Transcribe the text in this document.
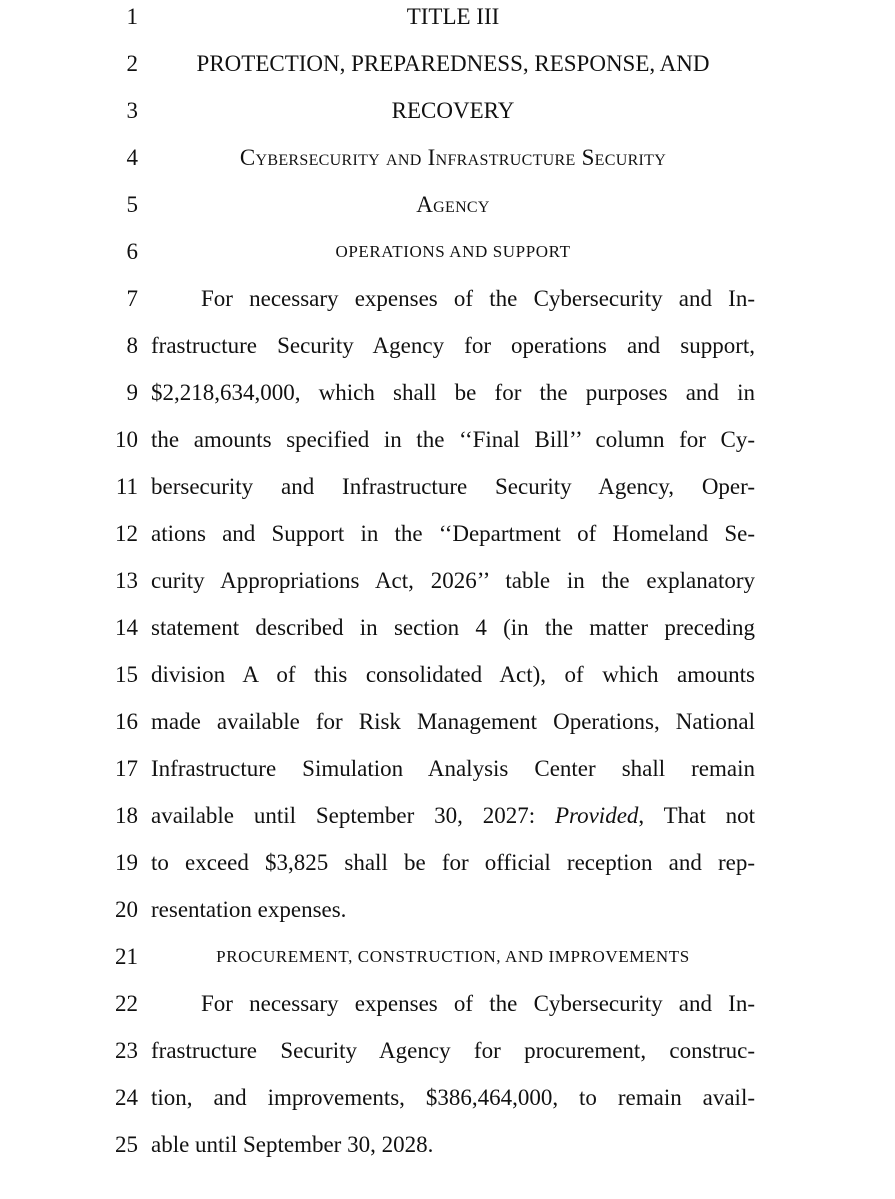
1	TITLE III
2	PROTECTION, PREPAREDNESS, RESPONSE, AND
3	RECOVERY
4	Cybersecurity and Infrastructure Security
5	Agency
6	OPERATIONS AND SUPPORT
7	For necessary expenses of the Cybersecurity and In-
8 frastructure Security Agency for operations and support,
9 $2,218,634,000, which shall be for the purposes and in
10 the amounts specified in the ‘‘Final Bill’’ column for Cy-
11 bersecurity and Infrastructure Security Agency, Oper-
12 ations and Support in the ‘‘Department of Homeland Se-
13 curity Appropriations Act, 2026’’ table in the explanatory
14 statement described in section 4 (in the matter preceding
15 division A of this consolidated Act), of which amounts
16 made available for Risk Management Operations, National
17 Infrastructure Simulation Analysis Center shall remain
18 available until September 30, 2027: Provided, That not
19 to exceed $3,825 shall be for official reception and rep-
20 resentation expenses.
21	PROCUREMENT, CONSTRUCTION, AND IMPROVEMENTS
22	For necessary expenses of the Cybersecurity and In-
23 frastructure Security Agency for procurement, construc-
24 tion, and improvements, $386,464,000, to remain avail-
25 able until September 30, 2028.
